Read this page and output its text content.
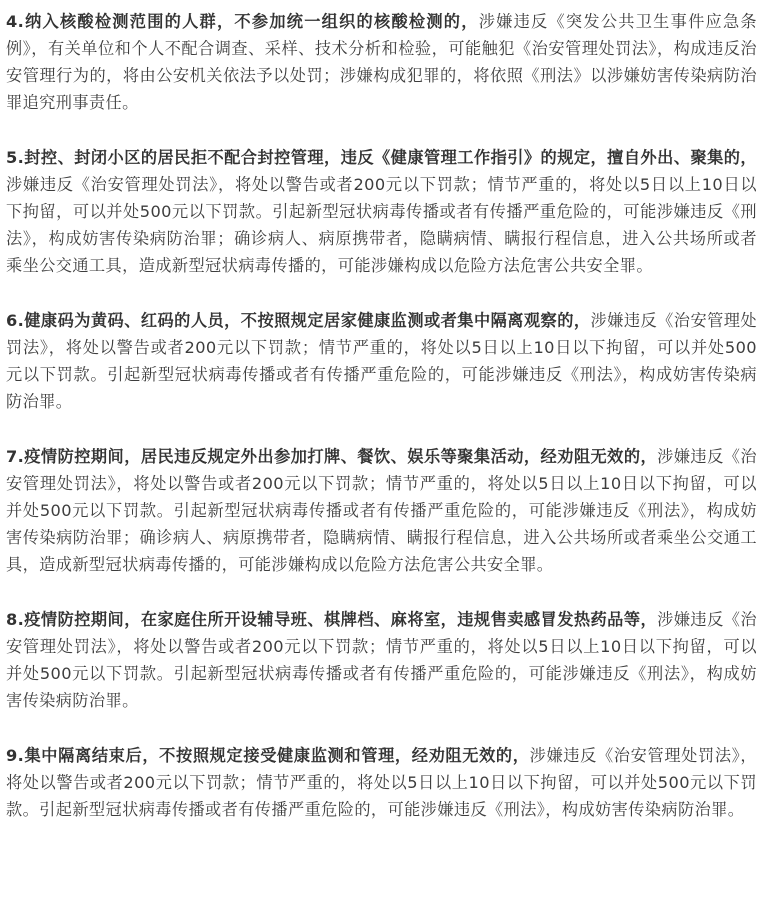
4.纳入核酸检测范围的人群，不参加统一组织的核酸检测的，涉嫌违反《突发公共卫生事件应急条例》，有关单位和个人不配合调查、采样、技术分析和检验，可能触犯《治安管理处罚法》，构成违反治安管理行为的，将由公安机关依法予以处罚；涉嫌构成犯罪的，将依照《刑法》以涉嫌妨害传染病防治罪追究刑事责任。

5.封控、封闭小区的居民拒不配合封控管理，违反《健康管理工作指引》的规定，擅自外出、聚集的，涉嫌违反《治安管理处罚法》，将处以警告或者200元以下罚款；情节严重的，将处以5日以上10日以下拘留，可以并处500元以下罚款。引起新型冠状病毒传播或者有传播严重危险的，可能涉嫌违反《刑法》，构成妨害传染病防治罪；确诊病人、病原携带者，隐瞒病情、瞒报行程信息，进入公共场所或者乘坐公交通工具，造成新型冠状病毒传播的，可能涉嫌构成以危险方法危害公共安全罪。

6.健康码为黄码、红码的人员，不按照规定居家健康监测或者集中隔离观察的，涉嫌违反《治安管理处罚法》，将处以警告或者200元以下罚款；情节严重的，将处以5日以上10日以下拘留，可以并处500元以下罚款。引起新型冠状病毒传播或者有传播严重危险的，可能涉嫌违反《刑法》，构成妨害传染病防治罪。

7.疫情防控期间，居民违反规定外出参加打牌、餐饮、娱乐等聚集活动，经劝阻无效的，涉嫌违反《治安管理处罚法》，将处以警告或者200元以下罚款；情节严重的，将处以5日以上10日以下拘留，可以并处500元以下罚款。引起新型冠状病毒传播或者有传播严重危险的，可能涉嫌违反《刑法》，构成妨害传染病防治罪；确诊病人、病原携带者，隐瞒病情、瞒报行程信息，进入公共场所或者乘坐公交通工具，造成新型冠状病毒传播的，可能涉嫌构成以危险方法危害公共安全罪。

8.疫情防控期间，在家庭住所开设辅导班、棋牌档、麻将室，违规售卖感冒发热药品等，涉嫌违反《治安管理处罚法》，将处以警告或者200元以下罚款；情节严重的，将处以5日以上10日以下拘留，可以并处500元以下罚款。引起新型冠状病毒传播或者有传播严重危险的，可能涉嫌违反《刑法》，构成妨害传染病防治罪。

9.集中隔离结束后，不按照规定接受健康监测和管理，经劝阻无效的，涉嫌违反《治安管理处罚法》，将处以警告或者200元以下罚款；情节严重的，将处以5日以上10日以下拘留，可以并处500元以下罚款。引起新型冠状病毒传播或者有传播严重危险的，可能涉嫌违反《刑法》，构成妨害传染病防治罪。
